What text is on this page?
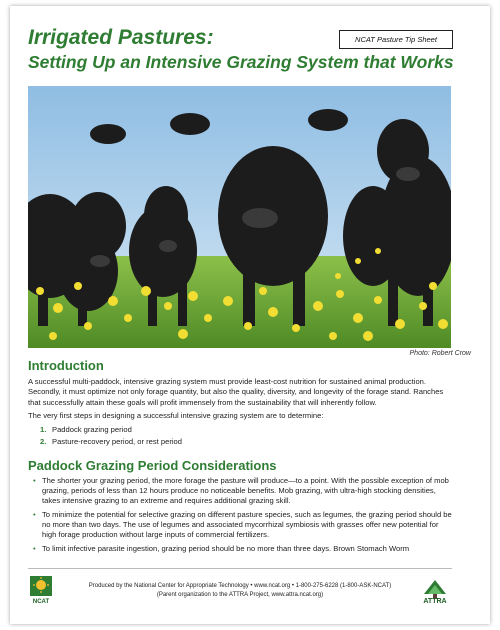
NCAT Pasture Tip Sheet
Irrigated Pastures:
Setting Up an Intensive Grazing System that Works
Photo: Robert Crow
Introduction

A successful multi-paddock, intensive grazing system must provide least-cost nutrition for sustained animal production. Secondly, it must optimize not only forage quantity, but also the quality, diversity, and longevity of the forage stand. Ranches that successfully attain these goals will profit immensely from the sustainability that will inherently follow.

The very first steps in designing a successful intensive grazing system are to determine:

1. Paddock grazing period
2. Pasture-recovery period, or rest period
Paddock Grazing Period Considerations
• The shorter your grazing period, the more forage the pasture will produce—to a point. With the possible exception of mob grazing, periods of less than 12 hours produce no noticeable benefits. Mob grazing, with ultra-high stocking densities, takes intensive grazing to an extreme and requires additional grazing skill.
• To minimize the potential for selective grazing on different pasture species, such as legumes, the grazing period should be no more than two days. The use of legumes and associated mycorrhizal symbiosis with grasses offer new potential for high forage production without large inputs of commercial fertilizers.
• To limit infective parasite ingestion, grazing period should be no more than three days. Brown Stomach Worm
NCAT
Produced by the National Center for Appropriate Technology • www.ncat.org • 1-800-275-6228 (1-800-ASK-NCAT)
(Parent organization to the ATTRA Project, www.attra.ncat.org)
ATTRA
